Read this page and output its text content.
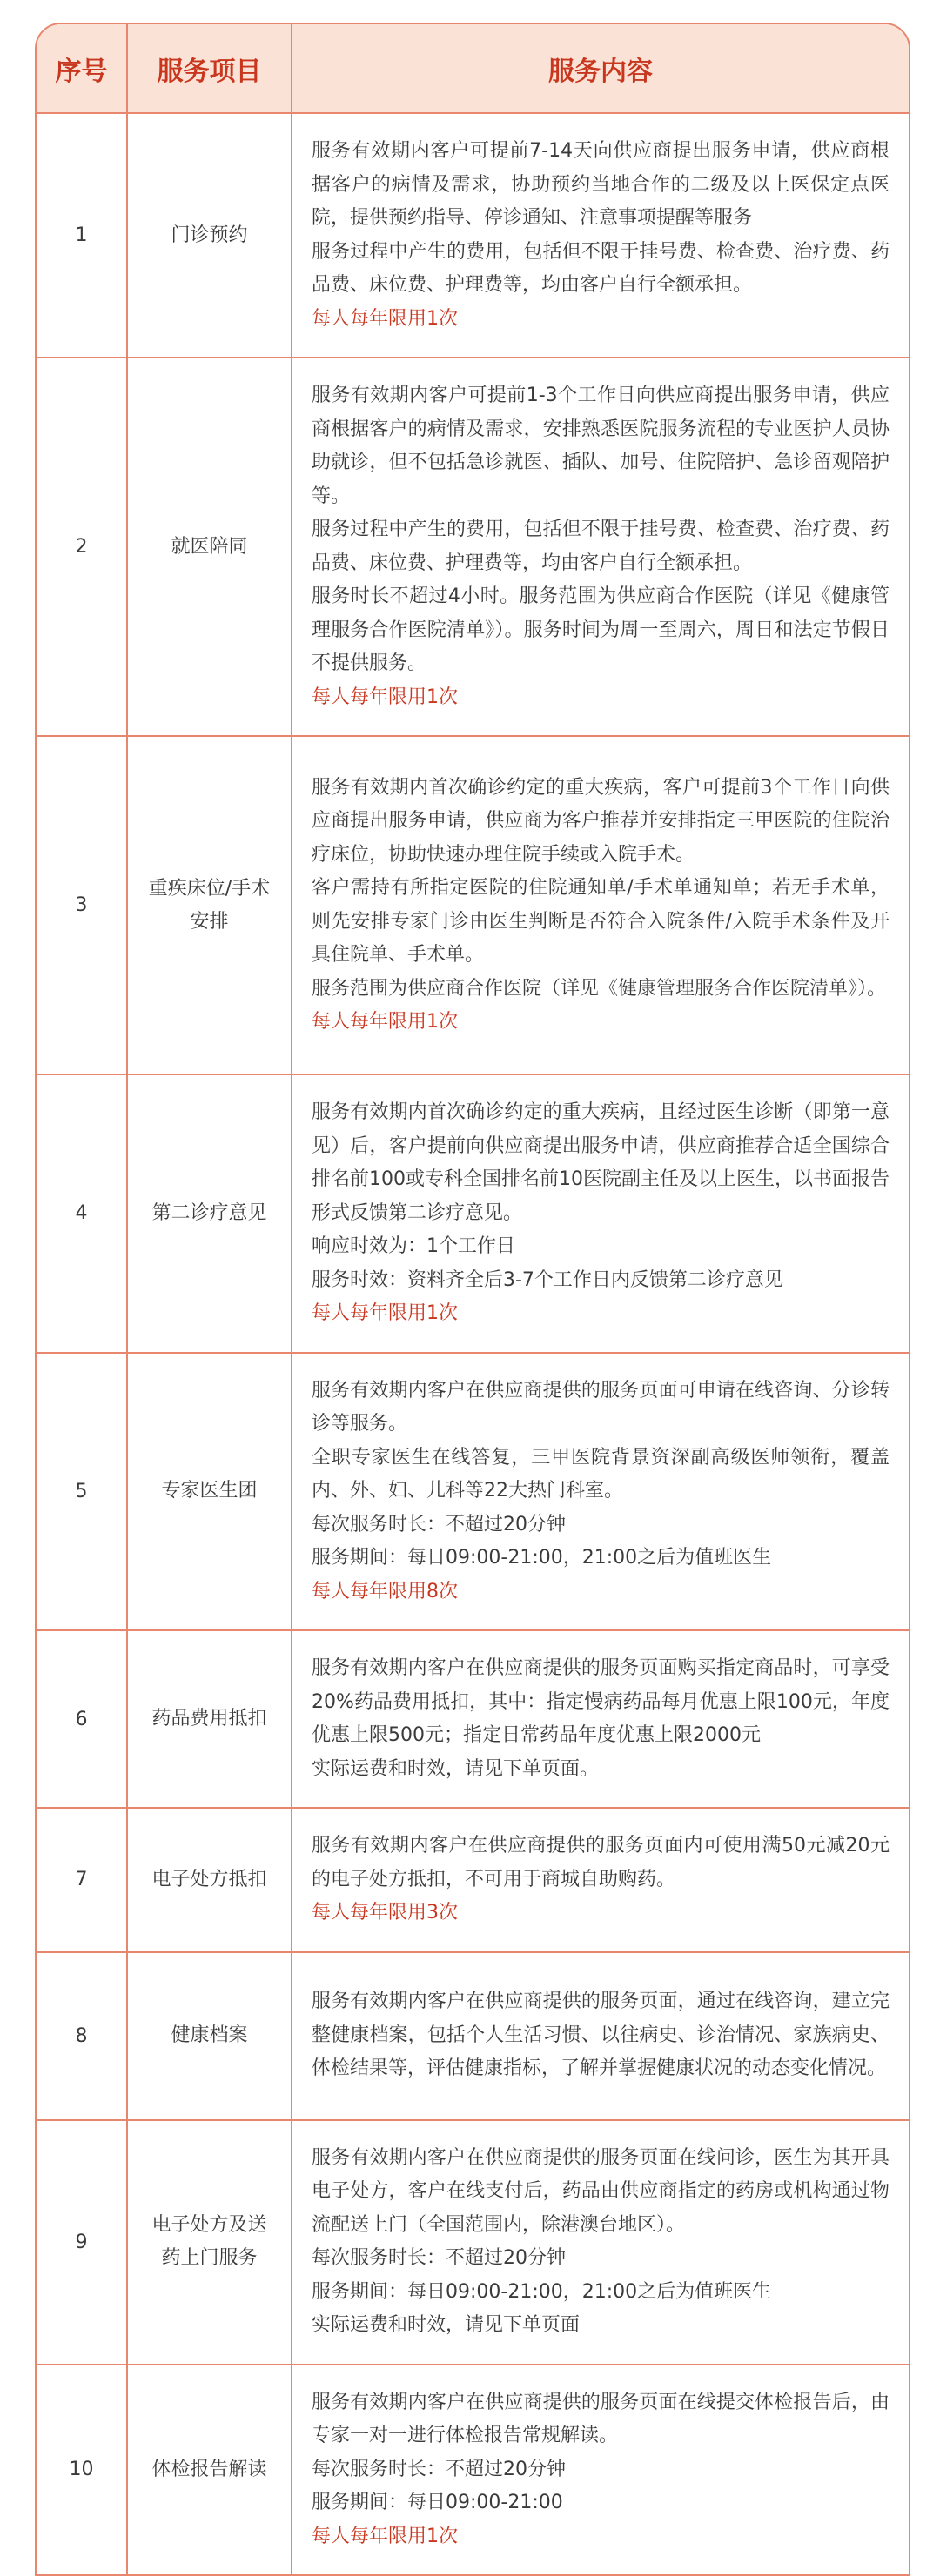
序号	服务项目	服务内容
1	门诊预约	服务有效期内客户可提前7-14天向供应商提出服务申请，供应商根据客户的病情及需求，协助预约当地合作的二级及以上医保定点医院，提供预约指导、停诊通知、注意事项提醒等服务

服务过程中产生的费用，包括但不限于挂号费、检查费、治疗费、药品费、床位费、护理费等，均由客户自行全额承担。

每人每年限用1次

2	就医陪同	服务有效期内客户可提前1-3个工作日向供应商提出服务申请，供应商根据客户的病情及需求，安排熟悉医院服务流程的专业医护人员协助就诊，但不包括急诊就医、插队、加号、住院陪护、急诊留观陪护等。

服务过程中产生的费用，包括但不限于挂号费、检查费、治疗费、药品费、床位费、护理费等，均由客户自行全额承担。

服务时长不超过4小时。服务范围为供应商合作医院（详见《健康管理服务合作医院清单》）。服务时间为周一至周六，周日和法定节假日不提供服务。

每人每年限用1次

3	重疾床位/手术安排	服务有效期内首次确诊约定的重大疾病，客户可提前3个工作日向供应商提出服务申请，供应商为客户推荐并安排指定三甲医院的住院治疗床位，协助快速办理住院手续或入院手术。

客户需持有所指定医院的住院通知单/手术单通知单；若无手术单，则先安排专家门诊由医生判断是否符合入院条件/入院手术条件及开具住院单、手术单。

服务范围为供应商合作医院（详见《健康管理服务合作医院清单》）。

每人每年限用1次

4	第二诊疗意见	服务有效期内首次确诊约定的重大疾病，且经过医生诊断（即第一意见）后，客户提前向供应商提出服务申请，供应商推荐合适全国综合排名前100或专科全国排名前10医院副主任及以上医生，以书面报告形式反馈第二诊疗意见。

响应时效为：1个工作日

服务时效：资料齐全后3-7个工作日内反馈第二诊疗意见

每人每年限用1次

5	专家医生团	服务有效期内客户在供应商提供的服务页面可申请在线咨询、分诊转诊等服务。

全职专家医生在线答复，三甲医院背景资深副高级医师领衔，覆盖内、外、妇、儿科等22大热门科室。

每次服务时长：不超过20分钟

服务期间：每日09:00-21:00，21:00之后为值班医生

每人每年限用8次

6	药品费用抵扣	服务有效期内客户在供应商提供的服务页面购买指定商品时，可享受20%药品费用抵扣，其中：指定慢病药品每月优惠上限100元，年度优惠上限500元；指定日常药品年度优惠上限2000元

实际运费和时效，请见下单页面。

7	电子处方抵扣	服务有效期内客户在供应商提供的服务页面内可使用满50元减20元的电子处方抵扣，不可用于商城自助购药。

每人每年限用3次

8	健康档案	服务有效期内客户在供应商提供的服务页面，通过在线咨询，建立完整健康档案，包括个人生活习惯、以往病史、诊治情况、家族病史、体检结果等，评估健康指标，了解并掌握健康状况的动态变化情况。

9	电子处方及送药上门服务	服务有效期内客户在供应商提供的服务页面在线问诊，医生为其开具电子处方，客户在线支付后，药品由供应商指定的药房或机构通过物流配送上门（全国范围内，除港澳台地区）。

每次服务时长：不超过20分钟

服务期间：每日09:00-21:00，21:00之后为值班医生

实际运费和时效，请见下单页面

10	体检报告解读	服务有效期内客户在供应商提供的服务页面在线提交体检报告后，由专家一对一进行体检报告常规解读。

每次服务时长：不超过20分钟

服务期间：每日09:00-21:00

每人每年限用1次
